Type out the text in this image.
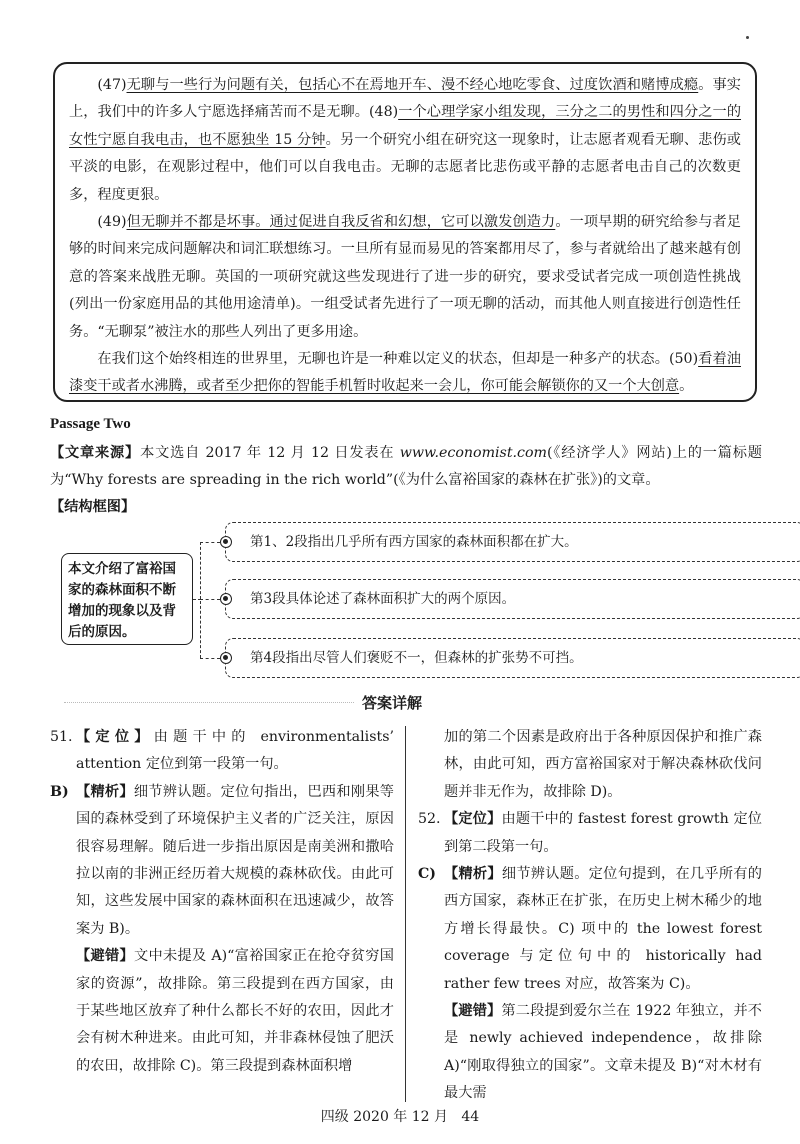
(47)无聊与一些行为问题有关，包括心不在焉地开车、漫不经心地吃零食、过度饮酒和赌博成瘾。事实上，我们中的许多人宁愿选择痛苦而不是无聊。(48)一个心理学家小组发现，三分之二的男性和四分之一的女性宁愿自我电击，也不愿独坐 15 分钟。另一个研究小组在研究这一现象时，让志愿者观看无聊、悲伤或平淡的电影，在观影过程中，他们可以自我电击。无聊的志愿者比悲伤或平静的志愿者电击自己的次数更多，程度更狠。

(49)但无聊并不都是坏事。通过促进自我反省和幻想，它可以激发创造力。一项早期的研究给参与者足够的时间来完成问题解决和词汇联想练习。一旦所有显而易见的答案都用尽了，参与者就给出了越来越有创意的答案来战胜无聊。英国的一项研究就这些发现进行了进一步的研究，要求受试者完成一项创造性挑战(列出一份家庭用品的其他用途清单)。一组受试者先进行了一项无聊的活动，而其他人则直接进行创造性任务。“无聊泵”被注水的那些人列出了更多用途。

在我们这个始终相连的世界里，无聊也许是一种难以定义的状态，但却是一种多产的状态。(50)看着油漆变干或者水沸腾，或者至少把你的智能手机暂时收起来一会儿，你可能会解锁你的又一个大创意。

Passage Two
【文章来源】本文选自 2017 年 12 月 12 日发表在 www.economist.com(《经济学人》网站)上的一篇标题为“Why forests are spreading in the rich world”(《为什么富裕国家的森林在扩张》)的文章。
【结构框图】
本文介绍了富裕国家的森林面积不断增加的现象以及背后的原因。
第1、2段指出几乎所有西方国家的森林面积都在扩大。
第3段具体论述了森林面积扩大的两个原因。
第4段指出尽管人们褒贬不一，但森林的扩张势不可挡。
答案详解

51. 【定位】由题干中的 environmentalists’ attention 定位到第一段第一句。

B) 【精析】细节辨认题。定位句指出，巴西和刚果等国的森林受到了环境保护主义者的广泛关注，原因很容易理解。随后进一步指出原因是南美洲和撒哈拉以南的非洲正经历着大规模的森林砍伐。由此可知，这些发展中国家的森林面积在迅速减少，故答案为 B)。

【避错】文中未提及 A)“富裕国家正在抢夺贫穷国家的资源”，故排除。第三段提到在西方国家，由于某些地区放弃了种什么都长不好的农田，因此才会有树木种进来。由此可知，并非森林侵蚀了肥沃的农田，故排除 C)。第三段提到森林面积增

加的第二个因素是政府出于各种原因保护和推广森林，由此可知，西方富裕国家对于解决森林砍伐问题并非无作为，故排除 D)。

52. 【定位】由题干中的 fastest forest growth 定位到第二段第一句。

C) 【精析】细节辨认题。定位句提到，在几乎所有的西方国家，森林正在扩张，在历史上树木稀少的地方增长得最快。C) 项中的 the lowest forest coverage 与定位句中的 historically had rather few trees 对应，故答案为 C)。

【避错】第二段提到爱尔兰在 1922 年独立，并不是 newly achieved independence，故排除 A)“刚取得独立的国家”。文章未提及 B)“对木材有最大需

四级 2020 年 12 月 44
